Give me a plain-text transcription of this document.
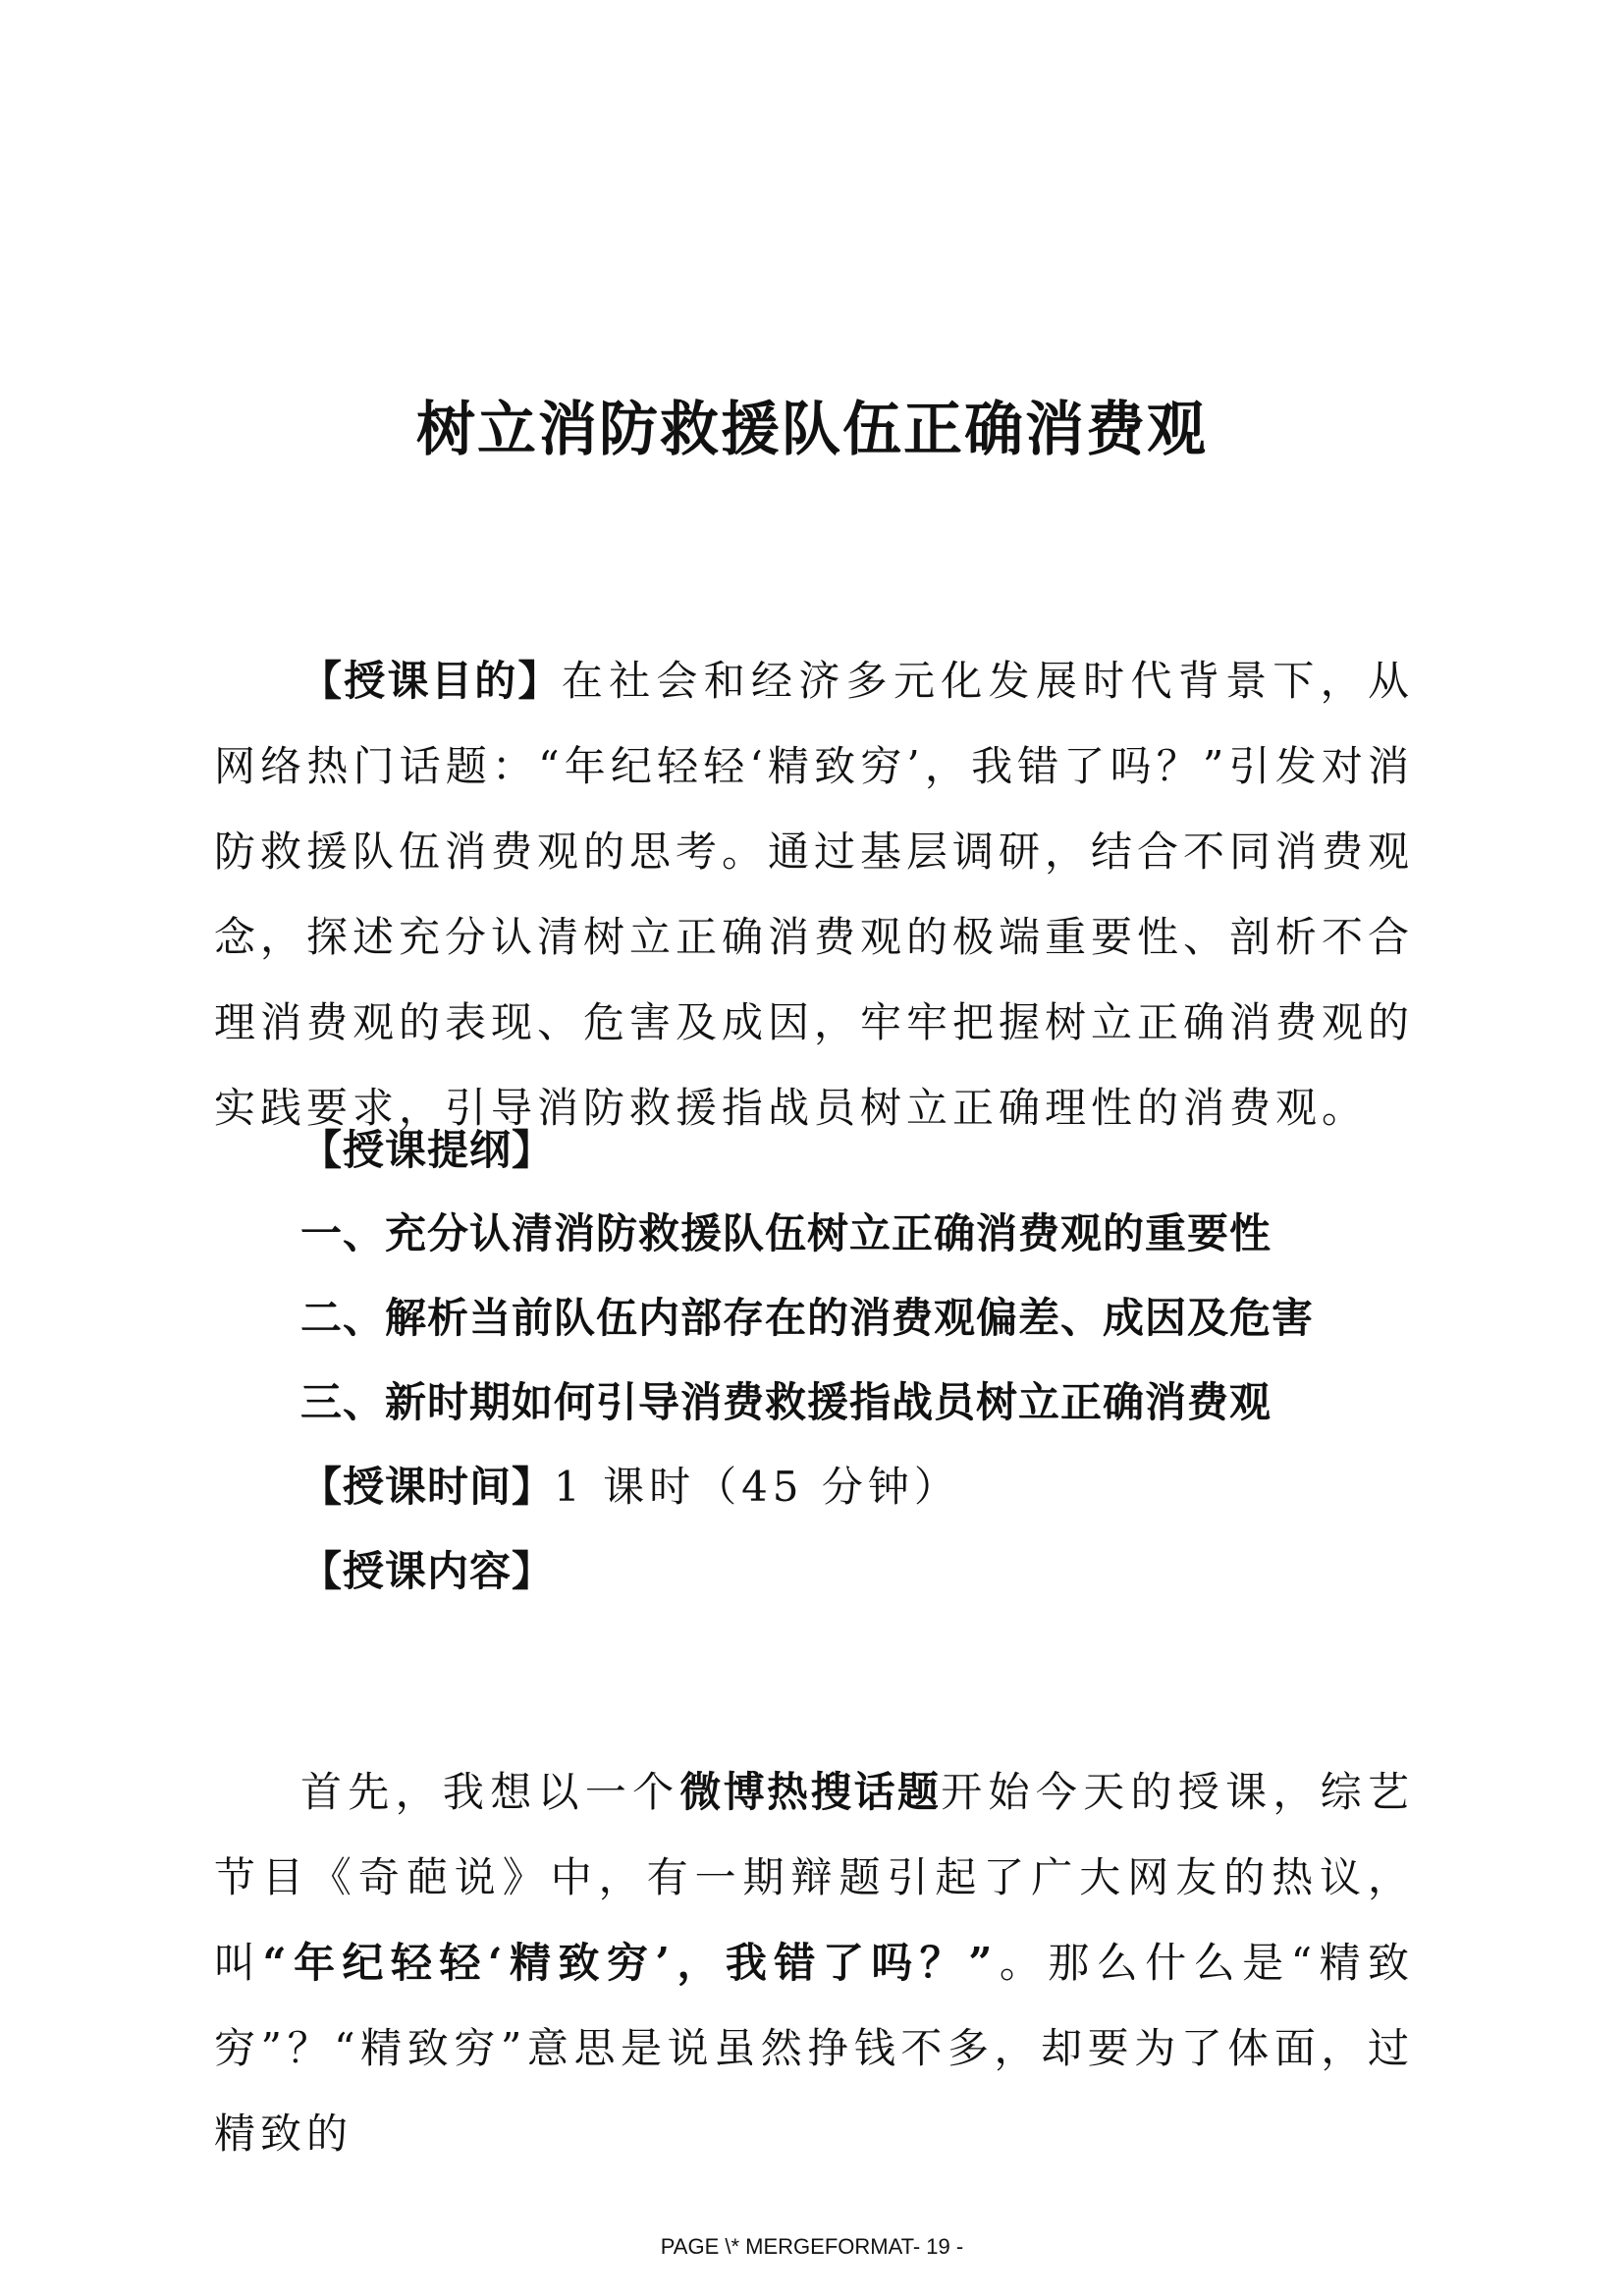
树立消防救援队伍正确消费观
【授课目的】在社会和经济多元化发展时代背景下，从网络热门话题：“年纪轻轻‘精致穷’，我错了吗？”引发对消防救援队伍消费观的思考。通过基层调研，结合不同消费观念，探述充分认清树立正确消费观的极端重要性、剖析不合理消费观的表现、危害及成因，牢牢把握树立正确消费观的实践要求，引导消防救援指战员树立正确理性的消费观。
【授课提纲】
一、充分认清消防救援队伍树立正确消费观的重要性
二、解析当前队伍内部存在的消费观偏差、成因及危害
三、新时期如何引导消费救援指战员树立正确消费观
【授课时间】1 课时（45 分钟）
【授课内容】
首先，我想以一个微博热搜话题开始今天的授课，综艺节目《奇葩说》中，有一期辩题引起了广大网友的热议，叫“年纪轻轻‘精致穷’，我错了吗？”。那么什么是“精致穷”？“精致穷”意思是说虽然挣钱不多，却要为了体面，过精致的
PAGE \* MERGEFORMAT- 19 -
